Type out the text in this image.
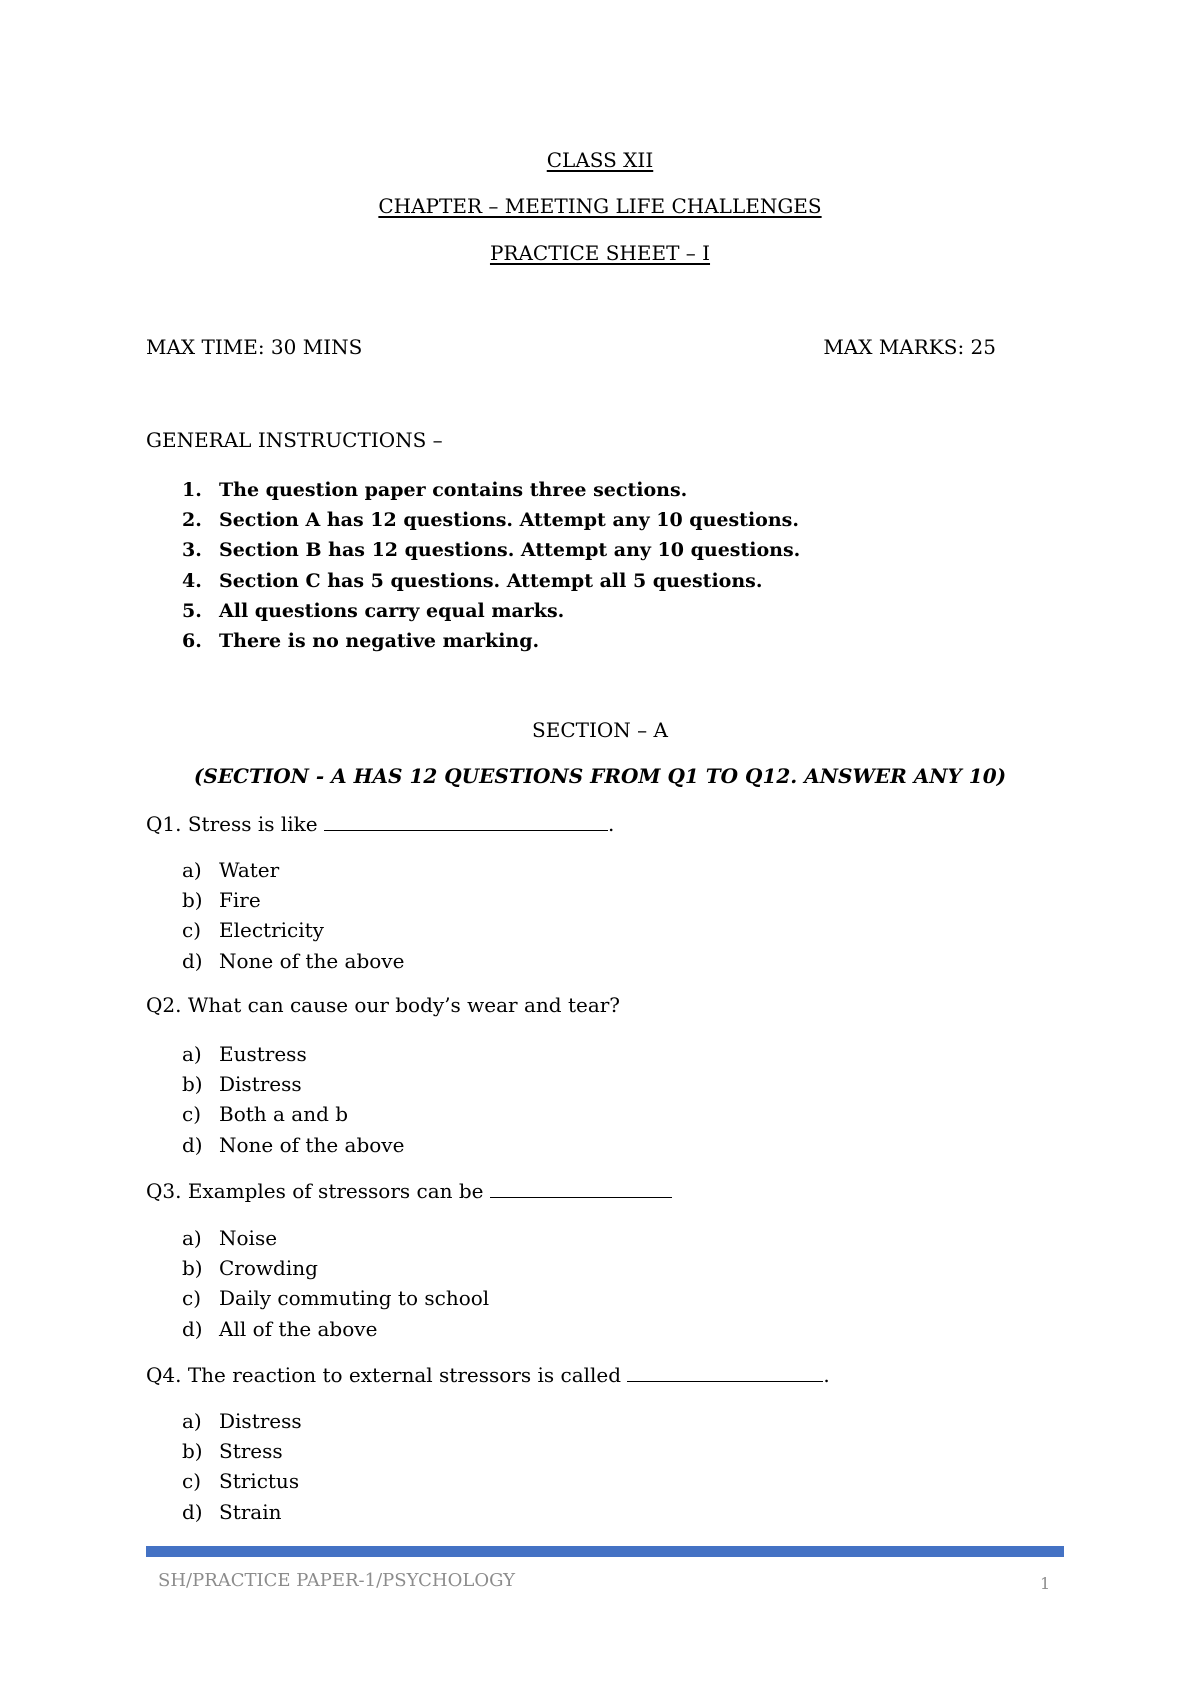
CLASS XII
CHAPTER – MEETING LIFE CHALLENGES
PRACTICE SHEET – I
MAX TIME: 30 MINS	MAX MARKS: 25
GENERAL INSTRUCTIONS –
1. The question paper contains three sections.
2. Section A has 12 questions. Attempt any 10 questions.
3. Section B has 12 questions. Attempt any 10 questions.
4. Section C has 5 questions. Attempt all 5 questions.
5. All questions carry equal marks.
6. There is no negative marking.
SECTION – A
(SECTION - A HAS 12 QUESTIONS FROM Q1 TO Q12. ANSWER ANY 10)
Q1. Stress is like	.
a) Water
b) Fire
c) Electricity
d) None of the above
Q2. What can cause our body’s wear and tear?
a) Eustress
b) Distress
c) Both a and b
d) None of the above
Q3. Examples of stressors can be
a) Noise
b) Crowding
c) Daily commuting to school
d) All of the above
Q4. The reaction to external stressors is called	.
a) Distress
b) Stress
c) Strictus
d) Strain
SH/PRACTICE PAPER-1/PSYCHOLOGY	1
